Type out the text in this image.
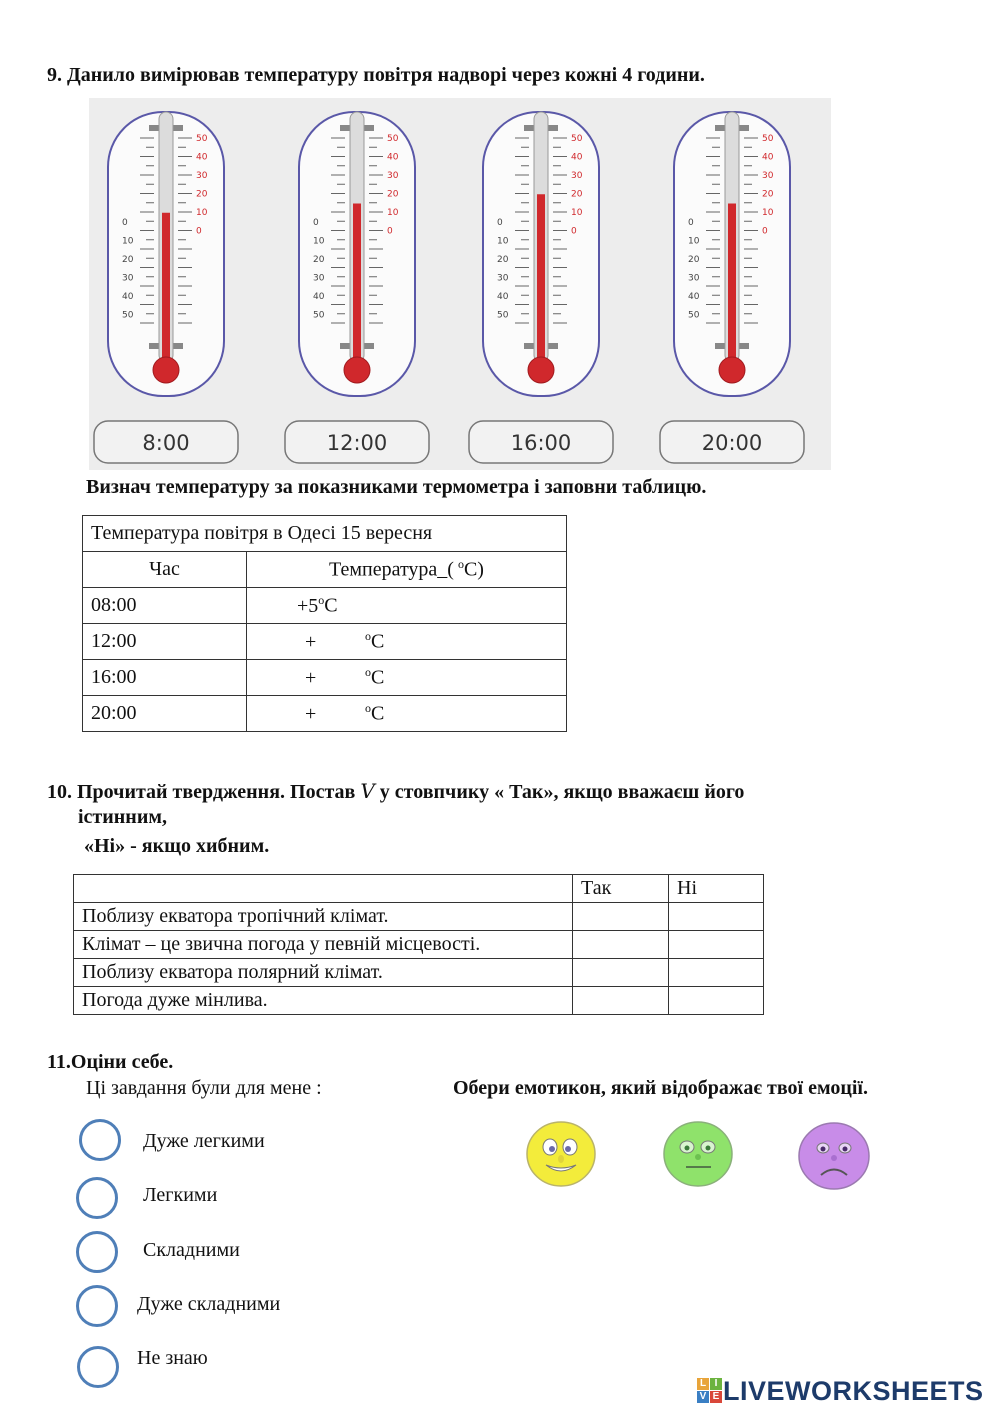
9. Данило вимірював температуру повітря надворі через кожні 4 години.
50
40
30
20
10
0
0
10
20
30
40
50
8:00
50
40
30
20
10
0
0
10
20
30
40
50
12:00
50
40
30
20
10
0
0
10
20
30
40
50
16:00
50
40
30
20
10
0
0
10
20
30
40
50
20:00
Визнач температуру за показниками термометра і заповни таблицю.
Температура повітря в Одесі 15 вересня	
Час	Температура_( $^o$C)
08:00	$+5^oC$
12:00	+ $^o$C
16:00	+ $^o$C
20:00	+ $^o$C
10. Прочитай твердження. Постав V у стовпчику « Так», якщо вважаєш його
істинним,
«Ні» - якщо хибним.
	Так	Ні
Поблизу екватора тропічний клімат.		
Клімат – це звична погода у певній місцевості.		
Поблизу екватора полярний клімат.		
Погода дуже мінлива.		
11.Оціни себе.
Ці завдання були для мене :	Обери емотикон, який відображає твої емоції.
Дуже легкими
Легкими
Складними
Дуже складними
Не знаю
L I
V E LIVEWORKSHEETS
